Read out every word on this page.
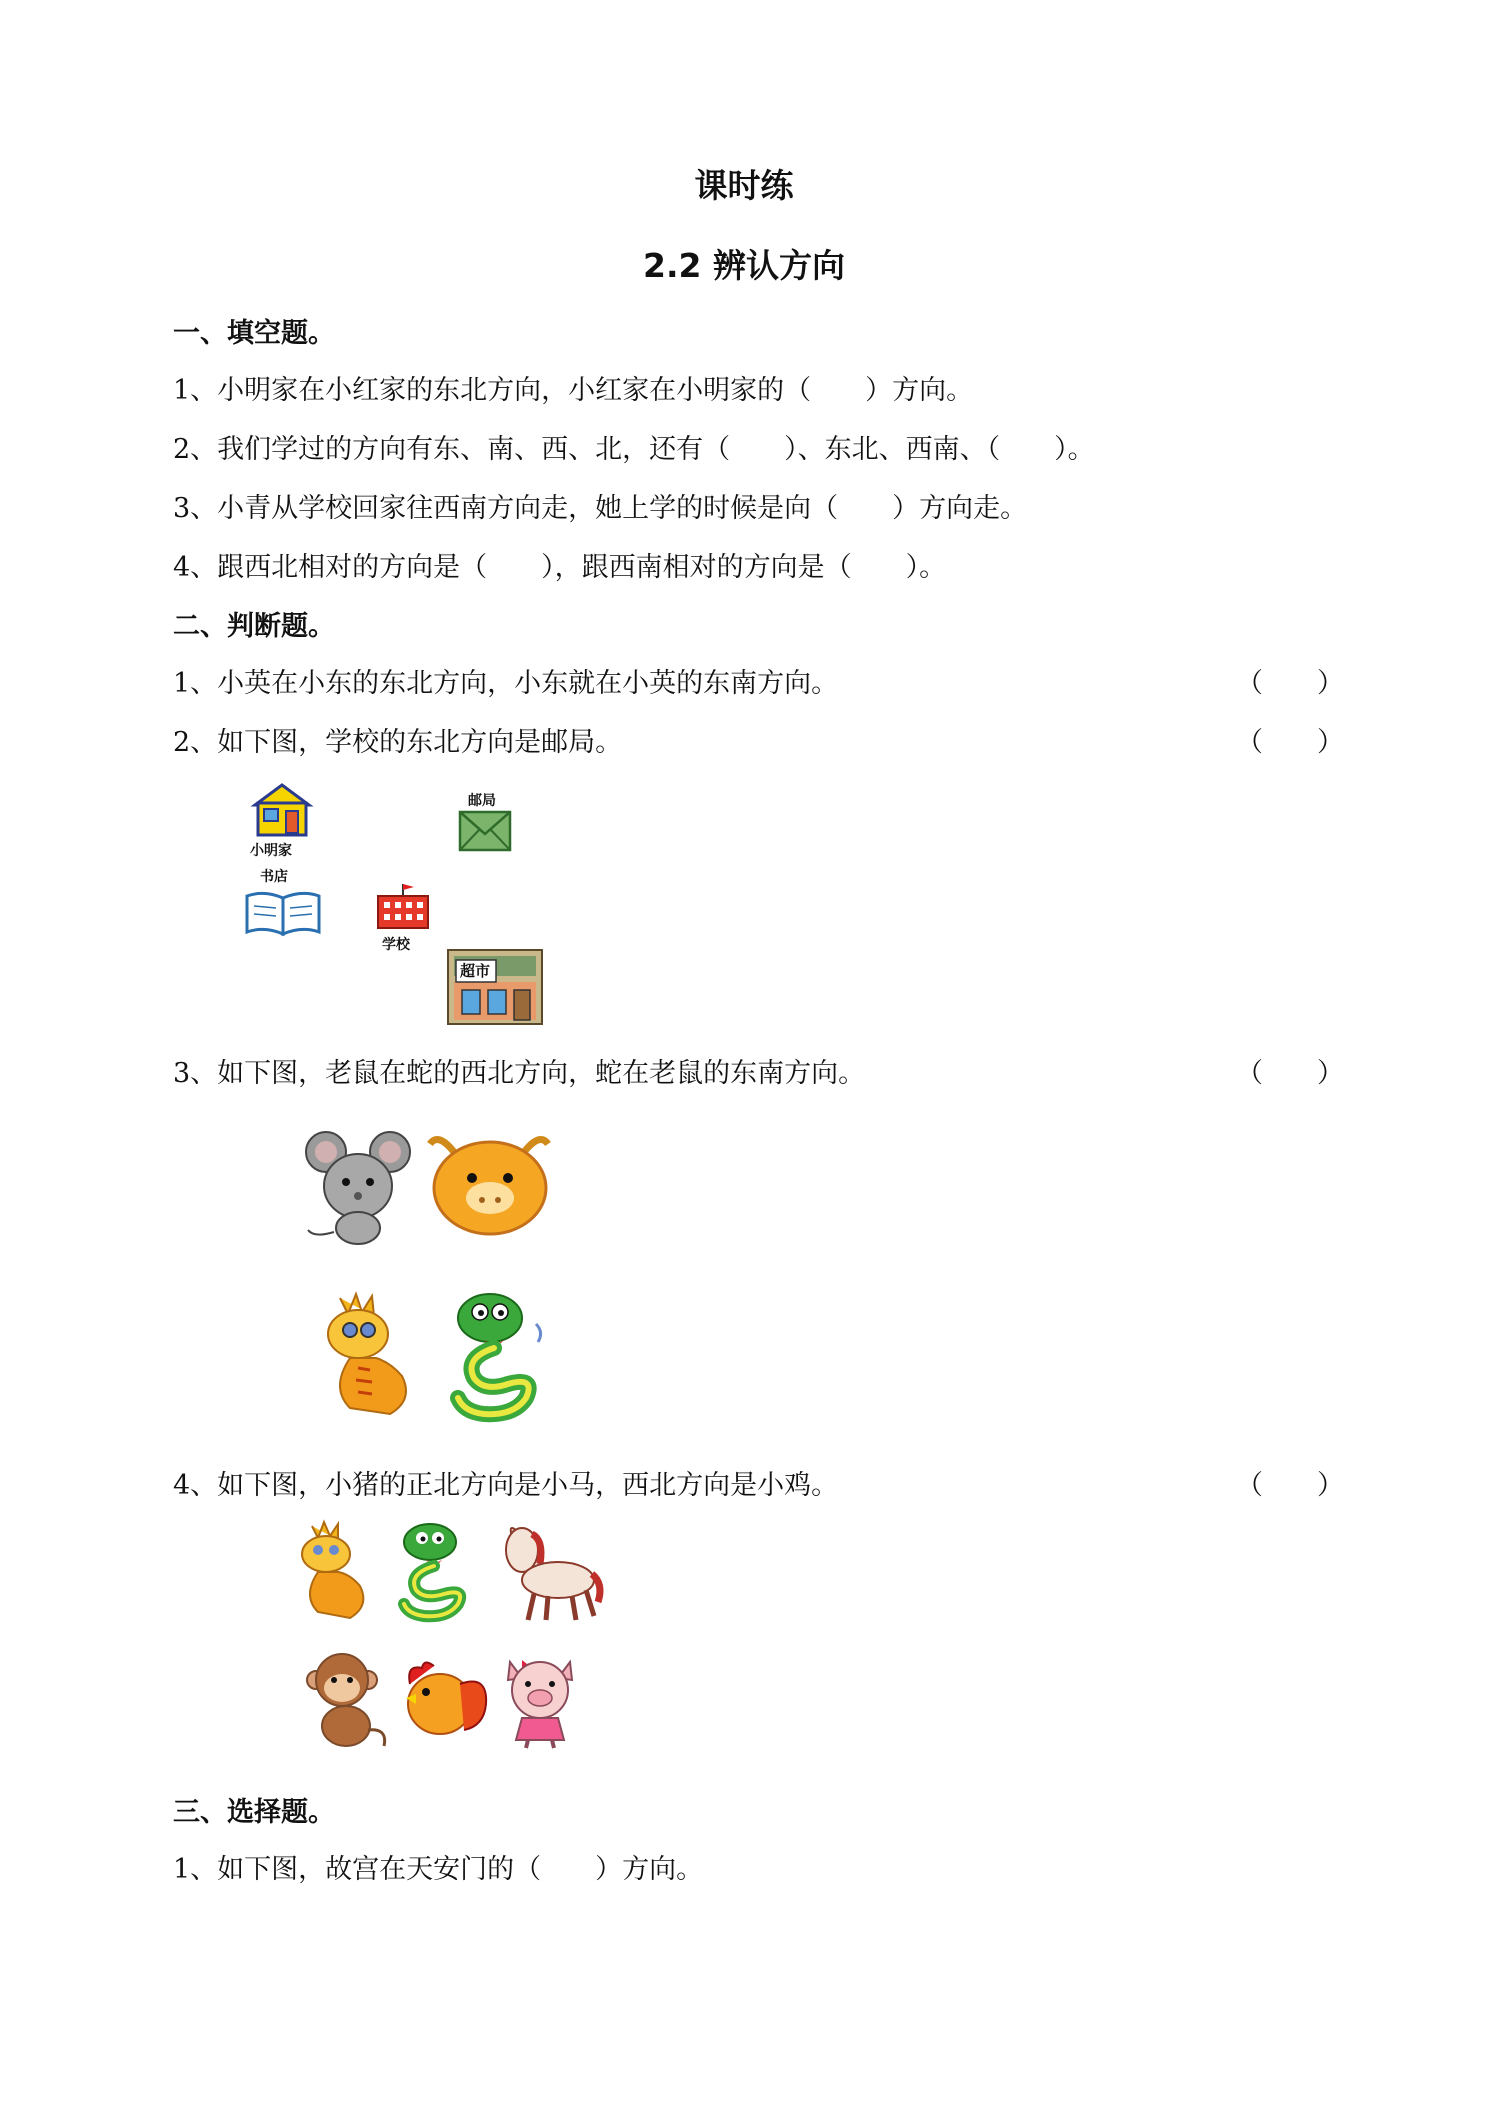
课时练
2.2 辨认方向
一、填空题。
1、小明家在小红家的东北方向，小红家在小明家的（　　）方向。
2、我们学过的方向有东、南、西、北，还有（　　）、东北、西南、（　　）。
3、小青从学校回家往西南方向走，她上学的时候是向（　　）方向走。
4、跟西北相对的方向是（　　），跟西南相对的方向是（　　）。
二、判断题。
1、小英在小东的东北方向，小东就在小英的东南方向。	（　　）
2、如下图，学校的东北方向是邮局。	（　　）
小明家
邮局
书店
学校
超市
3、如下图，老鼠在蛇的西北方向，蛇在老鼠的东南方向。	（　　）
4、如下图，小猪的正北方向是小马，西北方向是小鸡。	（　　）
三、选择题。
1、如下图，故宫在天安门的（　　）方向。
